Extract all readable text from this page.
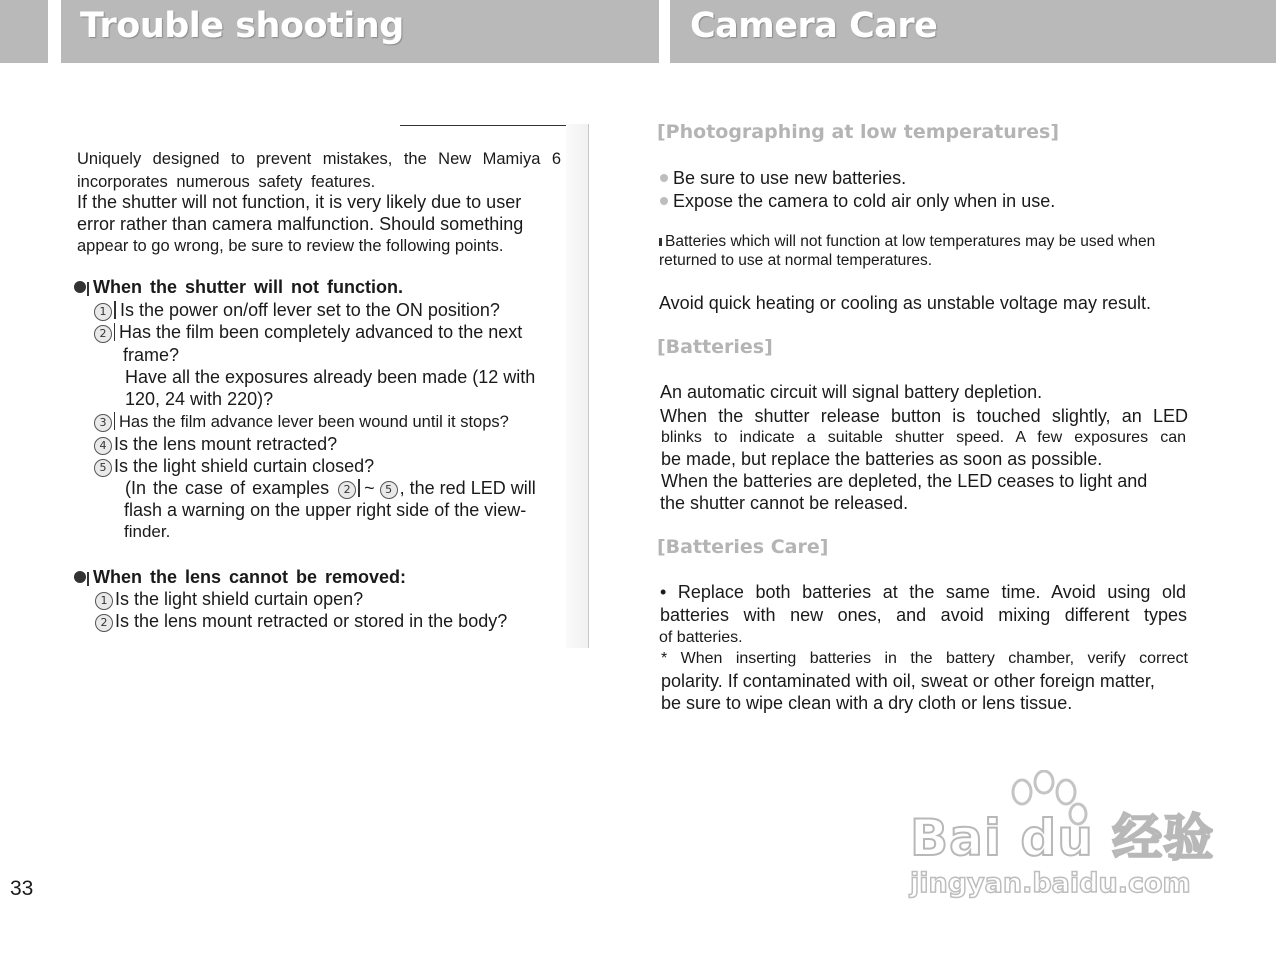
Trouble shooting	Camera Care
Uniquely designed to prevent mistakes, the New Mamiya 6
incorporates numerous safety features.
If the shutter will not function, it is very likely due to user
error rather than camera malfunction. Should something
appear to go wrong, be sure to review the following points.
When the shutter will not function.
1 Is the power on/off lever set to the ON position?
2 Has the film been completely advanced to the next
frame?
Have all the exposures already been made (12 with
120, 24 with 220)?
3 Has the film advance lever been wound until it stops?
4 Is the lens mount retracted?
5 Is the light shield curtain closed?
(In the case of examples 2 ~ 5 , the red LED will
flash a warning on the upper right side of the view-
finder.
When the lens cannot be removed:
1 Is the light shield curtain open?
2 Is the lens mount retracted or stored in the body?
33
[Photographing at low temperatures]
Be sure to use new batteries.
Expose the camera to cold air only when in use.
Batteries which will not function at low temperatures may be used when
returned to use at normal temperatures.
Avoid quick heating or cooling as unstable voltage may result.
[Batteries]
An automatic circuit will signal battery depletion.
When the shutter release button is touched slightly, an LED
blinks to indicate a suitable shutter speed. A few exposures can
be made, but replace the batteries as soon as possible.
When the batteries are depleted, the LED ceases to light and
the shutter cannot be released.
[Batteries Care]
• Replace both batteries at the same time. Avoid using old
batteries with new ones, and avoid mixing different types
of batteries.
* When inserting batteries in the battery chamber, verify correct
polarity. If contaminated with oil, sweat or other foreign matter,
be sure to wipe clean with a dry cloth or lens tissue.
Bai du 经验
jingyan.baidu.com
